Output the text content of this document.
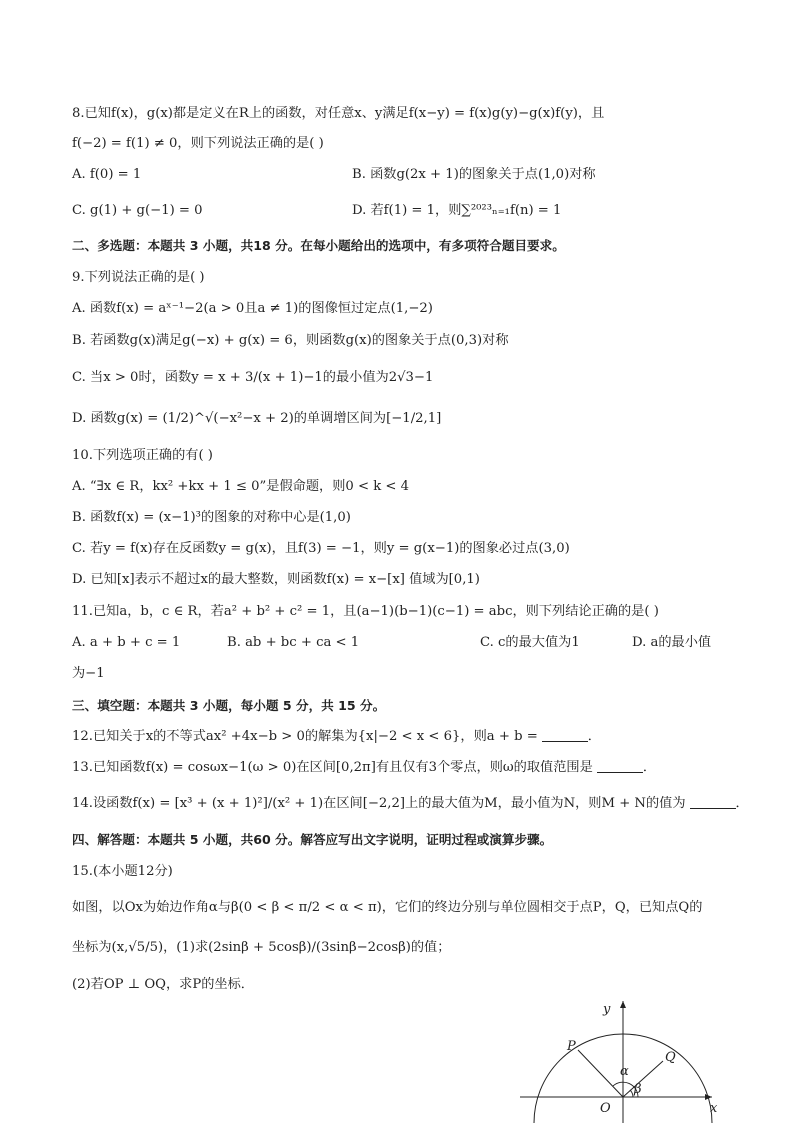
8.已知f(x)，g(x)都是定义在R上的函数，对任意x、y满足f(x−y) = f(x)g(y)−g(x)f(y)，且
f(−2) = f(1) ≠ 0，则下列说法正确的是( )
A. f(0) = 1	B. 函数g(2x + 1)的图象关于点(1,0)对称
C. g(1) + g(−1) = 0	D. 若f(1) = 1，则∑²⁰²³ₙ₌₁f(n) = 1
二、多选题：本题共 3 小题，共18 分。在每小题给出的选项中，有多项符合题目要求。
9.下列说法正确的是( )
A. 函数f(x) = aˣ⁻¹−2(a > 0且a ≠ 1)的图像恒过定点(1,−2)
B. 若函数g(x)满足g(−x) + g(x) = 6，则函数g(x)的图象关于点(0,3)对称
C. 当x > 0时，函数y = x + 3/(x + 1)−1的最小值为2√3−1
D. 函数g(x) = (1/2)^√(−x²−x + 2)的单调增区间为[−1/2,1]
10.下列选项正确的有( )
A. “∃x ∈ R，kx² +kx + 1 ≤ 0”是假命题，则0 < k < 4
B. 函数f(x) = (x−1)³的图象的对称中心是(1,0)
C. 若y = f(x)存在反函数y = g(x)，且f(3) = −1，则y = g(x−1)的图象必过点(3,0)
D. 已知[x]表示不超过x的最大整数，则函数f(x) = x−[x] 值域为[0,1)
11.已知a，b，c ∈ R，若a² + b² + c² = 1，且(a−1)(b−1)(c−1) = abc，则下列结论正确的是( )
A. a + b + c = 1	B. ab + bc + ca < 1	C. c的最大值为1	D. a的最小值
为−1
三、填空题：本题共 3 小题，每小题 5 分，共 15 分。
12.已知关于x的不等式ax² +4x−b > 0的解集为{x|−2 < x < 6}，则a + b =	．
13.已知函数f(x) = cosωx−1(ω > 0)在区间[0,2π]有且仅有3个零点，则ω的取值范围是	．
14.设函数f(x) = [x³ + (x + 1)²]/(x² + 1)在区间[−2,2]上的最大值为M，最小值为N，则M + N的值为	．
四、解答题：本题共 5 小题，共60 分。解答应写出文字说明，证明过程或演算步骤。
15.(本小题12分)
如图，以Ox为始边作角α与β(0 < β < π/2 < α < π)，它们的终边分别与单位圆相交于点P，Q，已知点Q的
坐标为(x,√5/5)，(1)求(2sinβ + 5cosβ)/(3sinβ−2cosβ)的值；
(2)若OP ⊥ OQ，求P的坐标．
y
x
P
Q
O
α
β
